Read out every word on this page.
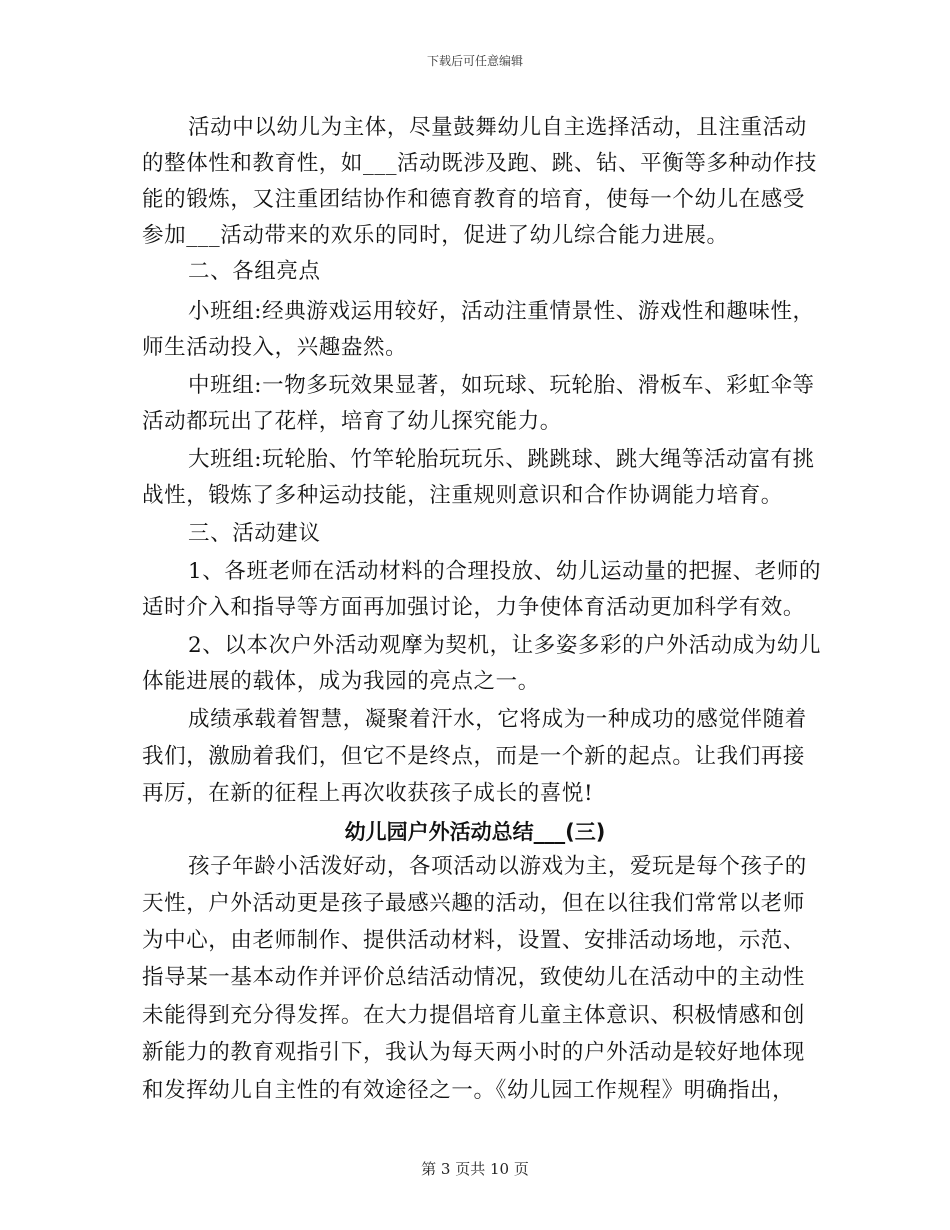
下载后可任意编辑
活动中以幼儿为主体，尽量鼓舞幼儿自主选择活动，且注重活动
的整体性和教育性，如___活动既涉及跑、跳、钻、平衡等多种动作技
能的锻炼，又注重团结协作和德育教育的培育，使每一个幼儿在感受
参加___活动带来的欢乐的同时，促进了幼儿综合能力进展。
二、各组亮点
小班组:经典游戏运用较好，活动注重情景性、游戏性和趣味性，
师生活动投入，兴趣盎然。
中班组:一物多玩效果显著，如玩球、玩轮胎、滑板车、彩虹伞等
活动都玩出了花样，培育了幼儿探究能力。
大班组:玩轮胎、竹竿轮胎玩玩乐、跳跳球、跳大绳等活动富有挑
战性，锻炼了多种运动技能，注重规则意识和合作协调能力培育。
三、活动建议
1、各班老师在活动材料的合理投放、幼儿运动量的把握、老师的
适时介入和指导等方面再加强讨论，力争使体育活动更加科学有效。
2、以本次户外活动观摩为契机，让多姿多彩的户外活动成为幼儿
体能进展的载体，成为我园的亮点之一。
成绩承载着智慧，凝聚着汗水，它将成为一种成功的感觉伴随着
我们，激励着我们，但它不是终点，而是一个新的起点。让我们再接
再厉，在新的征程上再次收获孩子成长的喜悦!
幼儿园户外活动总结___(三)
孩子年龄小活泼好动，各项活动以游戏为主，爱玩是每个孩子的
天性，户外活动更是孩子最感兴趣的活动，但在以往我们常常以老师
为中心，由老师制作、提供活动材料，设置、安排活动场地，示范、
指导某一基本动作并评价总结活动情况，致使幼儿在活动中的主动性
未能得到充分得发挥。在大力提倡培育儿童主体意识、积极情感和创
新能力的教育观指引下，我认为每天两小时的户外活动是较好地体现
和发挥幼儿自主性的有效途径之一。《幼儿园工作规程》明确指出，
第 3 页共 10 页
